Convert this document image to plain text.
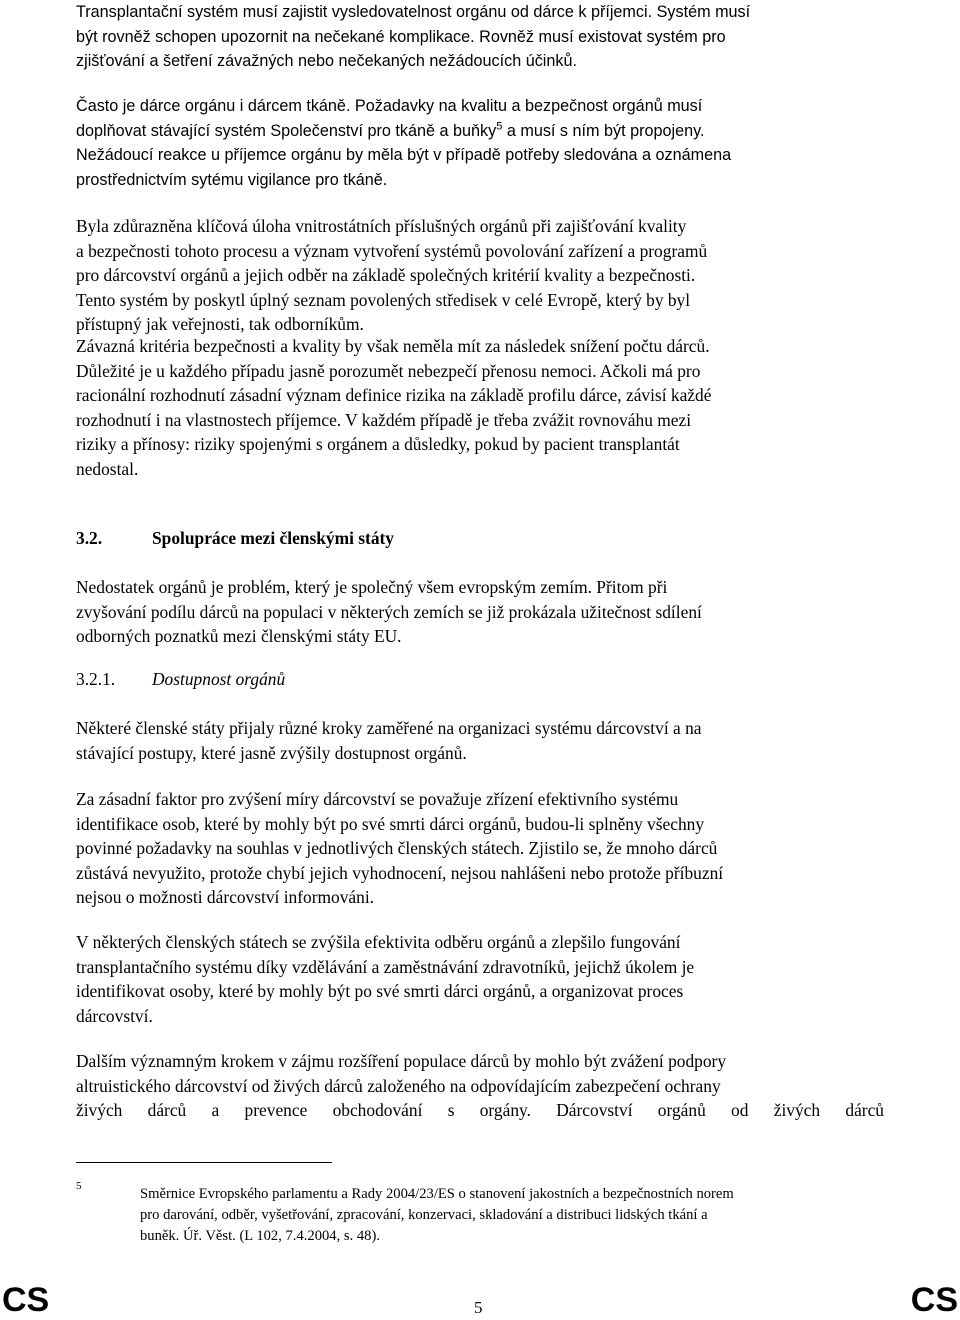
Transplantační systém musí zajistit vysledovatelnost orgánu od dárce k příjemci. Systém musí
být rovněž schopen upozornit na nečekané komplikace. Rovněž musí existovat systém pro
zjišťování a šetření závažných nebo nečekaných nežádoucích účinků.
Často je dárce orgánu i dárcem tkáně. Požadavky na kvalitu a bezpečnost orgánů musí
doplňovat stávající systém Společenství pro tkáně a buňky$^5$ a musí s ním být propojeny.
Nežádoucí reakce u příjemce orgánu by měla být v případě potřeby sledována a oznámena
prostřednictvím sytému vigilance pro tkáně.
Byla zdůrazněna klíčová úloha vnitrostátních příslušných orgánů při zajišťování kvality
a bezpečnosti tohoto procesu a význam vytvoření systémů povolování zařízení a programů
pro dárcovství orgánů a jejich odběr na základě společných kritérií kvality a bezpečnosti.
Tento systém by poskytl úplný seznam povolených středisek v celé Evropě, který by byl
přístupný jak veřejnosti, tak odborníkům.
Závazná kritéria bezpečnosti a kvality by však neměla mít za následek snížení počtu dárců.
Důležité je u každého případu jasně porozumět nebezpečí přenosu nemoci. Ačkoli má pro
racionální rozhodnutí zásadní význam definice rizika na základě profilu dárce, závisí každé
rozhodnutí i na vlastnostech příjemce. V každém případě je třeba zvážit rovnováhu mezi
riziky a přínosy: riziky spojenými s orgánem a důsledky, pokud by pacient transplantát
nedostal.
3.2.	Spolupráce mezi členskými státy
Nedostatek orgánů je problém, který je společný všem evropským zemím. Přitom při
zvyšování podílu dárců na populaci v některých zemích se již prokázala užitečnost sdílení
odborných poznatků mezi členskými státy EU.
3.2.1. Dostupnost orgánů
Některé členské státy přijaly různé kroky zaměřené na organizaci systému dárcovství a na
stávající postupy, které jasně zvýšily dostupnost orgánů.
Za zásadní faktor pro zvýšení míry dárcovství se považuje zřízení efektivního systému
identifikace osob, které by mohly být po své smrti dárci orgánů, budou-li splněny všechny
povinné požadavky na souhlas v jednotlivých členských státech. Zjistilo se, že mnoho dárců
zůstává nevyužito, protože chybí jejich vyhodnocení, nejsou nahlášeni nebo protože příbuzní
nejsou o možnosti dárcovství informováni.
V některých členských státech se zvýšila efektivita odběru orgánů a zlepšilo fungování
transplantačního systému díky vzdělávání a zaměstnávání zdravotníků, jejichž úkolem je
identifikovat osoby, které by mohly být po své smrti dárci orgánů, a organizovat proces
dárcovství.
Dalším významným krokem v zájmu rozšíření populace dárců by mohlo být zvážení podpory
altruistického dárcovství od živých dárců založeného na odpovídajícím zabezpečení ochrany
živých dárců a prevence obchodování s orgány. Dárcovství orgánů od živých dárců
5	Směrnice Evropského parlamentu a Rady 2004/23/ES o stanovení jakostních a bezpečnostních norem
pro darování, odběr, vyšetřování, zpracování, konzervaci, skladování a distribuci lidských tkání a
buněk. Úř. Věst. (L 102, 7.4.2004, s. 48).
CS	5	CS
